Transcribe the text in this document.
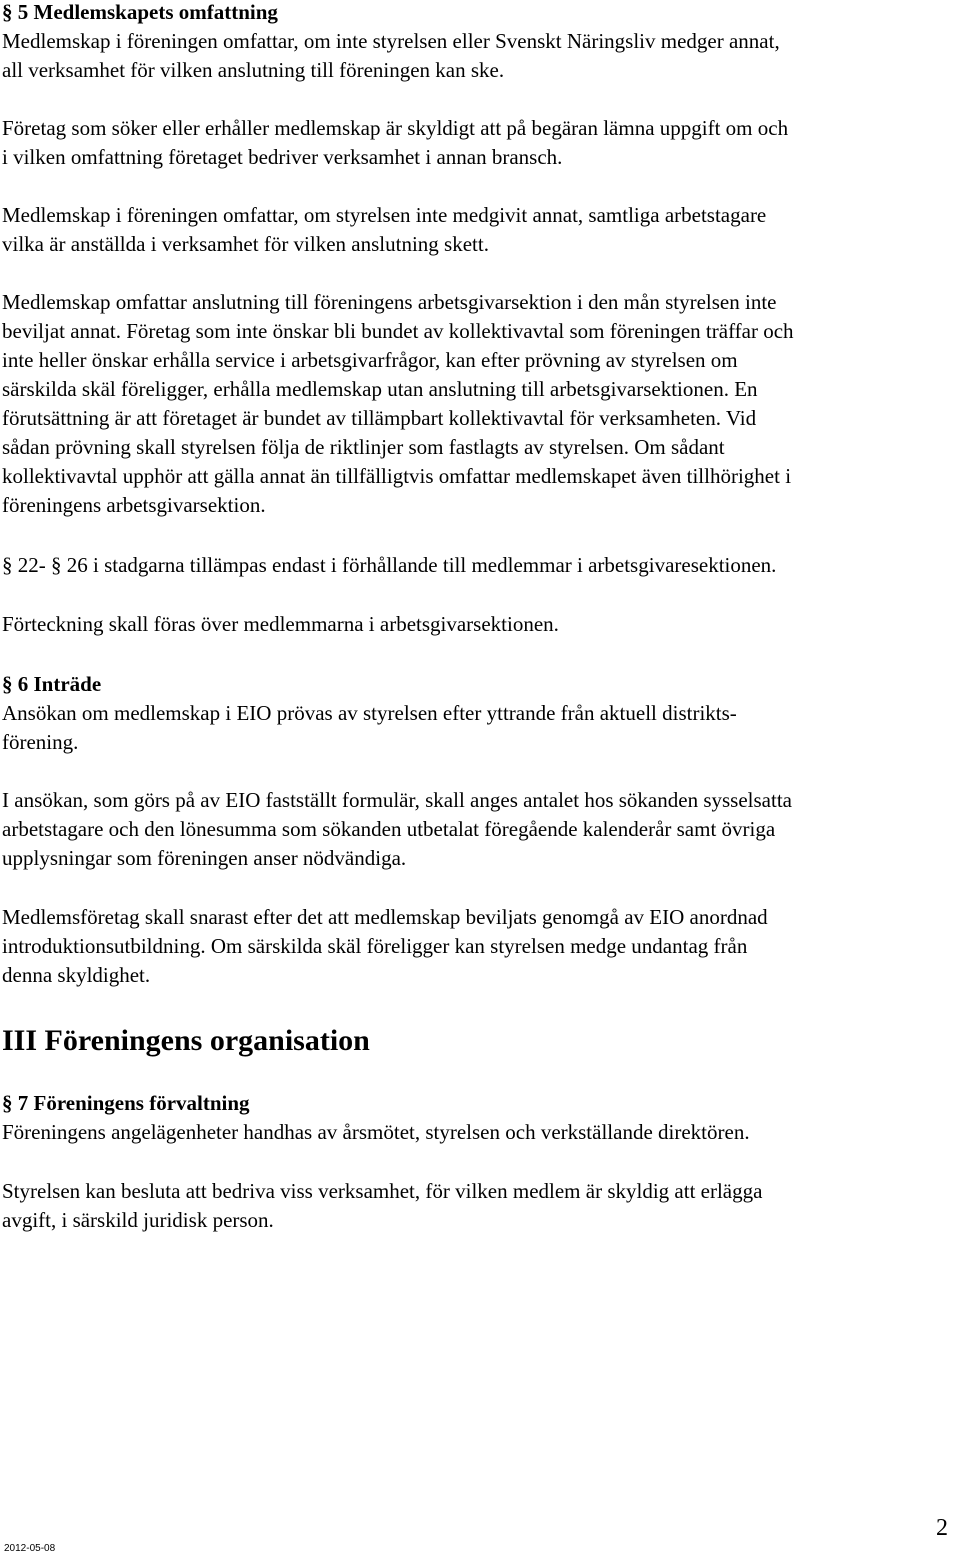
§ 5 Medlemskapets omfattning
Medlemskap i föreningen omfattar, om inte styrelsen eller Svenskt Näringsliv medger annat,
all verksamhet för vilken anslutning till föreningen kan ske.
Företag som söker eller erhåller medlemskap är skyldigt att på begäran lämna uppgift om och
i vilken omfattning företaget bedriver verksamhet i annan bransch.
Medlemskap i föreningen omfattar, om styrelsen inte medgivit annat, samtliga arbetstagare
vilka är anställda i verksamhet för vilken anslutning skett.
Medlemskap omfattar anslutning till föreningens arbetsgivarsektion i den mån styrelsen inte
beviljat annat. Företag som inte önskar bli bundet av kollektivavtal som föreningen träffar och
inte heller önskar erhålla service i arbetsgivarfrågor, kan efter prövning av styrelsen om
särskilda skäl föreligger, erhålla medlemskap utan anslutning till arbetsgivarsektionen. En
förutsättning är att företaget är bundet av tillämpbart kollektivavtal för verksamheten. Vid
sådan prövning skall styrelsen följa de riktlinjer som fastlagts av styrelsen. Om sådant
kollektivavtal upphör att gälla annat än tillfälligtvis omfattar medlemskapet även tillhörighet i
föreningens arbetsgivarsektion.
§ 22- § 26 i stadgarna tillämpas endast i förhållande till medlemmar i arbetsgivaresektionen.
Förteckning skall föras över medlemmarna i arbetsgivarsektionen.
§ 6 Inträde
Ansökan om medlemskap i EIO prövas av styrelsen efter yttrande från aktuell distrikts-
förening.
I ansökan, som görs på av EIO fastställt formulär, skall anges antalet hos sökanden sysselsatta
arbetstagare och den lönesumma som sökanden utbetalat föregående kalenderår samt övriga
upplysningar som föreningen anser nödvändiga.
Medlemsföretag skall snarast efter det att medlemskap beviljats genomgå av EIO anordnad
introduktionsutbildning. Om särskilda skäl föreligger kan styrelsen medge undantag från
denna skyldighet.
III Föreningens organisation
§ 7 Föreningens förvaltning
Föreningens angelägenheter handhas av årsmötet, styrelsen och verkställande direktören.
Styrelsen kan besluta att bedriva viss verksamhet, för vilken medlem är skyldig att erlägga
avgift, i särskild juridisk person.
2
2012-05-08
